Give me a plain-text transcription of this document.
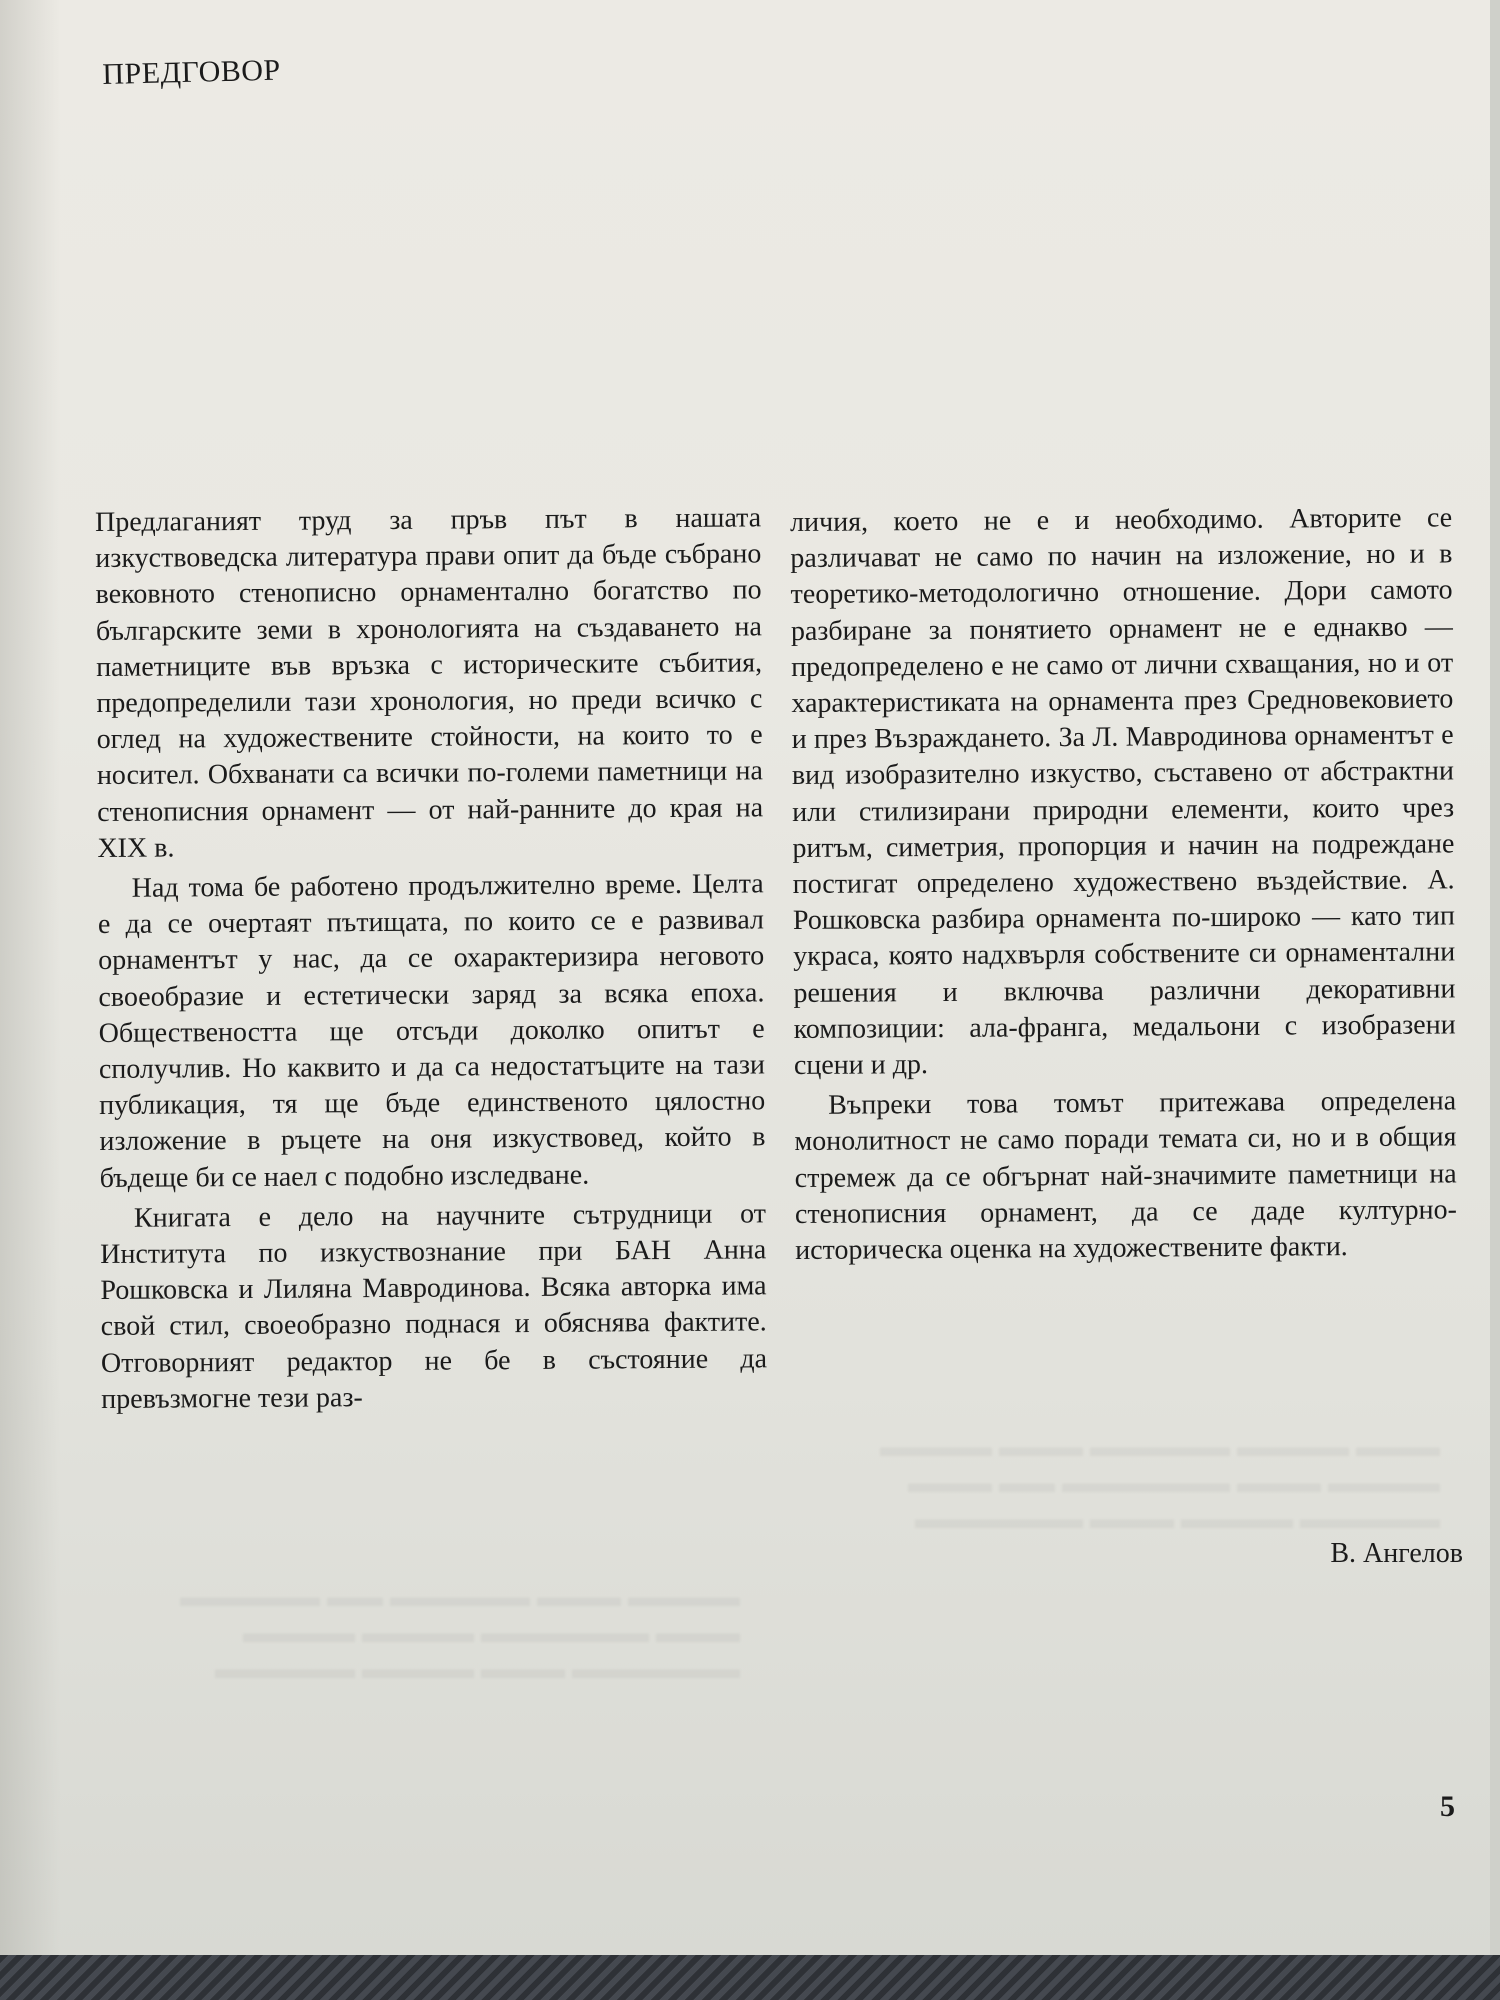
▬▬▬ ▬▬▬▬ ▬▬▬▬▬ ▬▬▬ ▬▬▬▬
▬▬▬▬ ▬▬▬ ▬▬▬▬▬▬ ▬▬ ▬▬▬
▬▬▬▬▬ ▬▬▬▬ ▬▬▬ ▬▬▬▬▬▬
▬▬▬▬ ▬▬▬ ▬▬▬▬▬ ▬▬ ▬▬▬▬▬
▬▬▬ ▬▬▬▬▬▬ ▬▬▬▬ ▬▬▬▬
▬▬▬▬▬▬ ▬▬▬ ▬▬▬▬ ▬▬▬▬▬
ПРЕДГОВОР

Предлаганият труд за пръв път в нашата изкуствоведска литература прави опит да бъде събрано вековното стенописно орнаментално богатство по българските земи в хронологията на създаването на паметниците във връзка с историческите събития, предопределили тази хронология, но преди всичко с оглед на художествените стойности, на които то е носител. Обхванати са всички по-големи паметници на стенописния орнамент — от най-ранните до края на XIX в.

Над тома бе работено продължително време. Целта е да се очертаят пътищата, по които се е развивал орнаментът у нас, да се охарактеризира неговото своеобразие и естетически заряд за всяка епоха. Обществеността ще отсъди доколко опитът е сполучлив. Но каквито и да са недостатъците на тази публикация, тя ще бъде единственото цялостно изложение в ръцете на оня изкуствовед, който в бъдеще би се наел с подобно изследване.

Книгата е дело на научните сътрудници от Института по изкуствознание при БАН Анна Рошковска и Лиляна Мавродинова. Всяка авторка има свой стил, своеобразно поднася и обяснява фактите. Отговорният редактор не бе в състояние да превъзмогне тези раз-

личия, което не е и необходимо. Авторите се различават не само по начин на изложение, но и в теоретико-методологично отношение. Дори самото разбиране за понятието орнамент не е еднакво — предопределено е не само от лични схващания, но и от характеристиката на орнамента през Средновековието и през Възраждането. За Л. Мавродинова орнаментът е вид изобразително изкуство, съставено от абстрактни или стилизирани природни елементи, които чрез ритъм, симетрия, пропорция и начин на подреждане постигат определено художествено въздействие. А. Рошковска разбира орнамента по-широко — като тип украса, която надхвърля собствените си орнаментални решения и включва различни декоративни композиции: ала-франга, медальони с изобразени сцени и др.

Въпреки това томът притежава определена монолитност не само поради темата си, но и в общия стремеж да се обгърнат най-значимите паметници на стенописния орнамент, да се даде културно-историческа оценка на художествените факти.

В. Ангелов
5
